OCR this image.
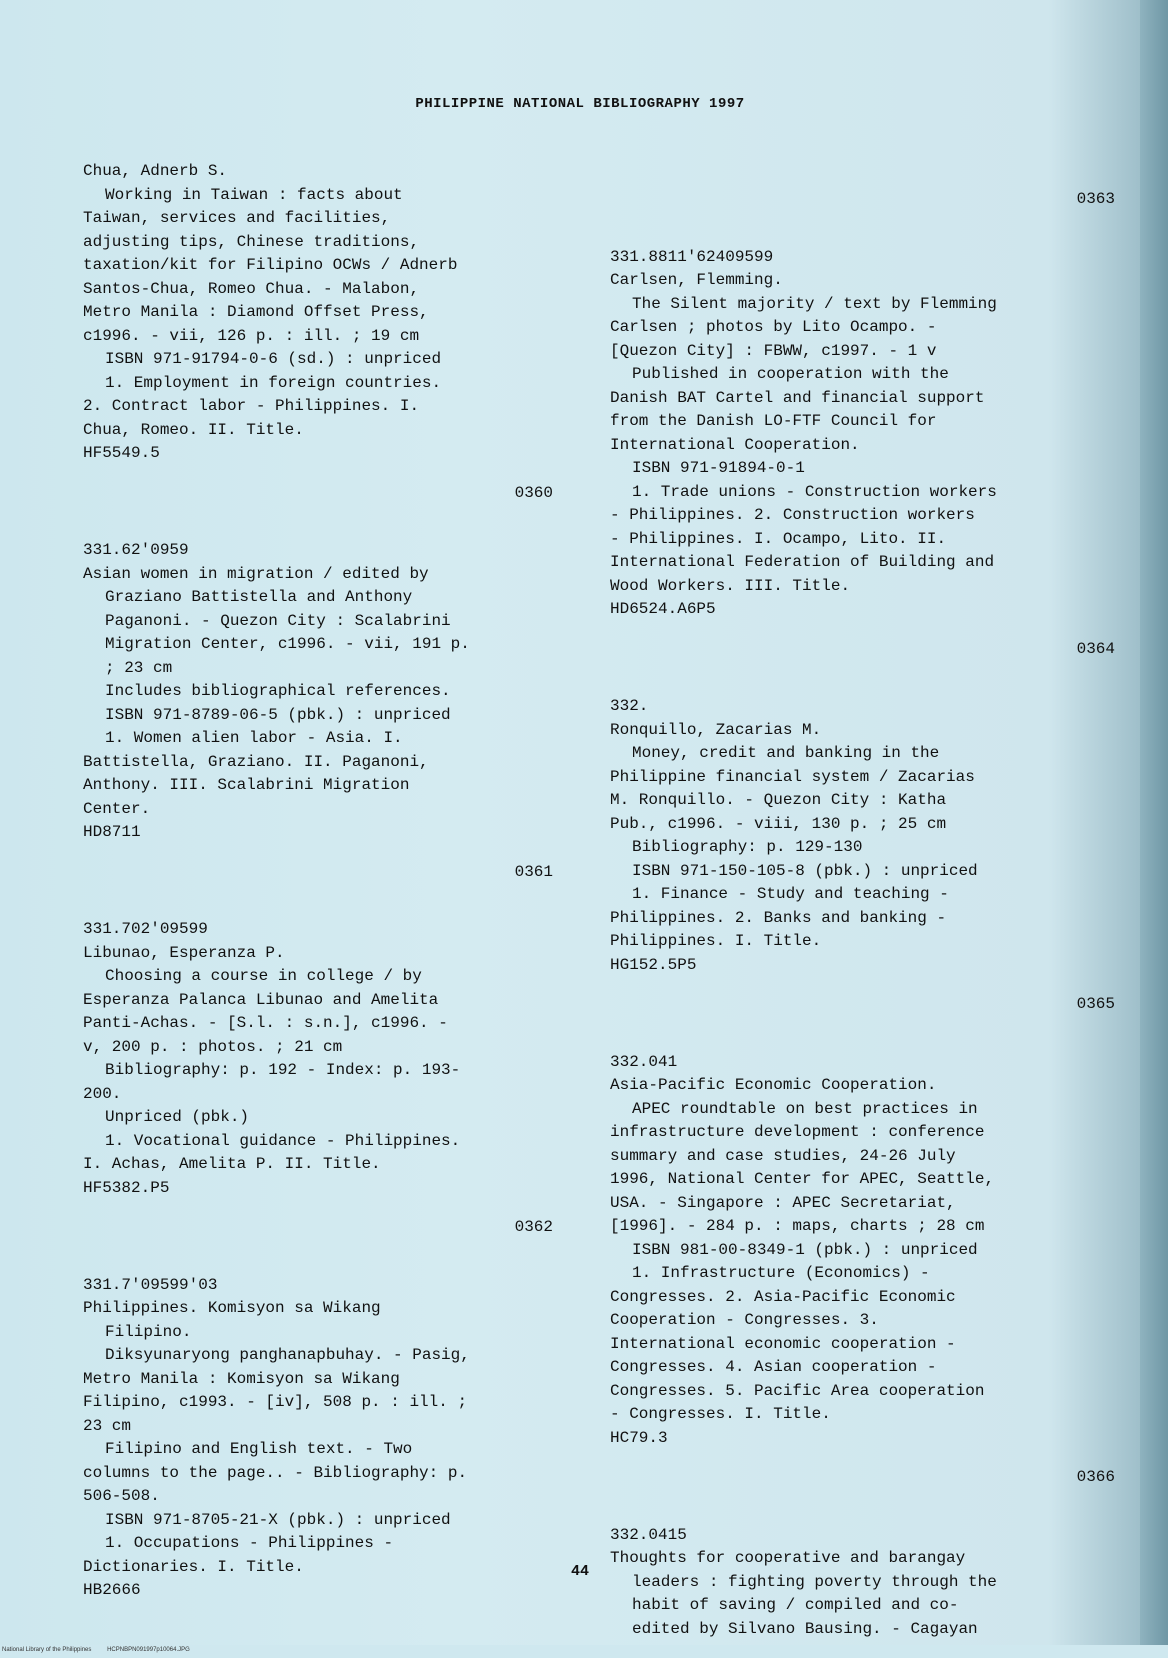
PHILIPPINE NATIONAL BIBLIOGRAPHY 1997

Chua, Adnerb S.

Working in Taiwan : facts about

Taiwan, services and facilities,

adjusting tips, Chinese traditions,

taxation/kit for Filipino OCWs / Adnerb

Santos-Chua, Romeo Chua. - Malabon,

Metro Manila : Diamond Offset Press,

c1996. - vii, 126 p. : ill. ; 19 cm

ISBN 971-91794-0-6 (sd.) : unpriced

1. Employment in foreign countries.

2. Contract labor - Philippines. I.

Chua, Romeo. II. Title.

HF5549.5

0360

331.62'0959

Asian women in migration / edited by

Graziano Battistella and Anthony

Paganoni. - Quezon City : Scalabrini

Migration Center, c1996. - vii, 191 p.

; 23 cm

Includes bibliographical references.

ISBN 971-8789-06-5 (pbk.) : unpriced

1. Women alien labor - Asia. I.

Battistella, Graziano. II. Paganoni,

Anthony. III. Scalabrini Migration

Center.

HD8711

0361

331.702'09599

Libunao, Esperanza P.

Choosing a course in college / by

Esperanza Palanca Libunao and Amelita

Panti-Achas. - [S.l. : s.n.], c1996. -

v, 200 p. : photos. ; 21 cm

Bibliography: p. 192 - Index: p. 193-

200.

Unpriced (pbk.)

1. Vocational guidance - Philippines.

I. Achas, Amelita P. II. Title.

HF5382.P5

0362

331.7'09599'03

Philippines. Komisyon sa Wikang

Filipino.

Diksyunaryong panghanapbuhay. - Pasig,

Metro Manila : Komisyon sa Wikang

Filipino, c1993. - [iv], 508 p. : ill. ;

23 cm

Filipino and English text. - Two

columns to the page.. - Bibliography: p.

506-508.

ISBN 971-8705-21-X (pbk.) : unpriced

1. Occupations - Philippines -

Dictionaries. I. Title.

HB2666

0363

331.8811'62409599

Carlsen, Flemming.

The Silent majority / text by Flemming

Carlsen ; photos by Lito Ocampo. -

[Quezon City] : FBWW, c1997. - 1 v

Published in cooperation with the

Danish BAT Cartel and financial support

from the Danish LO-FTF Council for

International Cooperation.

ISBN 971-91894-0-1

1. Trade unions - Construction workers

- Philippines. 2. Construction workers

- Philippines. I. Ocampo, Lito. II.

International Federation of Building and

Wood Workers. III. Title.

HD6524.A6P5

0364

332.

Ronquillo, Zacarias M.

Money, credit and banking in the

Philippine financial system / Zacarias

M. Ronquillo. - Quezon City : Katha

Pub., c1996. - viii, 130 p. ; 25 cm

Bibliography: p. 129-130

ISBN 971-150-105-8 (pbk.) : unpriced

1. Finance - Study and teaching -

Philippines. 2. Banks and banking -

Philippines. I. Title.

HG152.5P5

0365

332.041

Asia-Pacific Economic Cooperation.

APEC roundtable on best practices in

infrastructure development : conference

summary and case studies, 24-26 July

1996, National Center for APEC, Seattle,

USA. - Singapore : APEC Secretariat,

[1996]. - 284 p. : maps, charts ; 28 cm

ISBN 981-00-8349-1 (pbk.) : unpriced

1. Infrastructure (Economics) -

Congresses. 2. Asia-Pacific Economic

Cooperation - Congresses. 3.

International economic cooperation -

Congresses. 4. Asian cooperation -

Congresses. 5. Pacific Area cooperation

- Congresses. I. Title.

HC79.3

0366

332.0415

Thoughts for cooperative and barangay

leaders : fighting poverty through the

habit of saving / compiled and co-

edited by Silvano Bausing. - Cagayan

44
National Library of the Philippines	HCPNBPN091997p10064.JPG
